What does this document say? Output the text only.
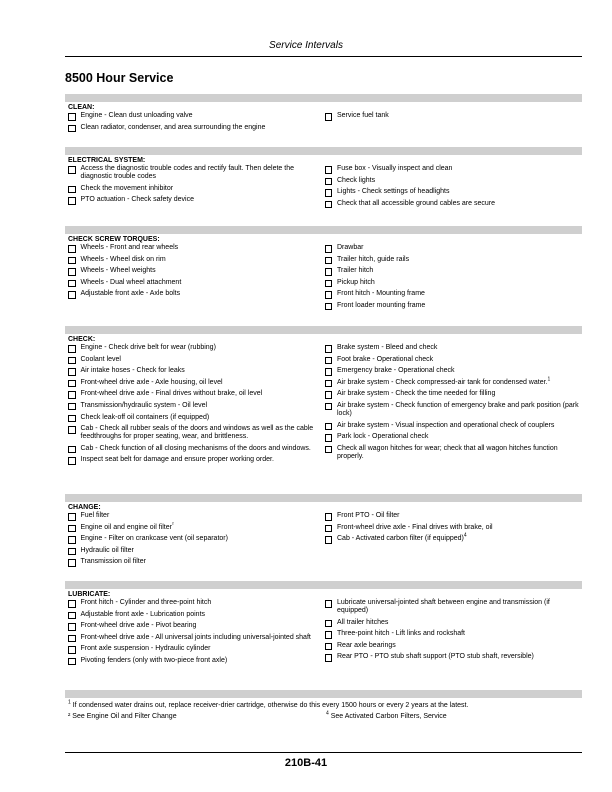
Service Intervals
8500 Hour Service
CLEAN:
Engine - Clean dust unloading valve
Clean radiator, condenser, and area surrounding the engine
Service fuel tank
ELECTRICAL SYSTEM:
Access the diagnostic trouble codes and rectify fault. Then delete the diagnostic trouble codes
Check the movement inhibitor
PTO actuation - Check safety device
Fuse box - Visually inspect and clean
Check lights
Lights - Check settings of headlights
Check that all accessible ground cables are secure
CHECK SCREW TORQUES:
Wheels - Front and rear wheels
Wheels - Wheel disk on rim
Wheels - Wheel weights
Wheels - Dual wheel attachment
Adjustable front axle - Axle bolts
Drawbar
Trailer hitch, guide rails
Trailer hitch
Pickup hitch
Front hitch - Mounting frame
Front loader mounting frame
CHECK:
Engine - Check drive belt for wear (rubbing)
Coolant level
Air intake hoses - Check for leaks
Front-wheel drive axle - Axle housing, oil level
Front-wheel drive axle - Final drives without brake, oil level
Transmission/hydraulic system - Oil level
Check leak-off oil containers (if equipped)
Cab - Check all rubber seals of the doors and windows as well as the cable feedthroughs for proper seating, wear, and brittleness.
Cab - Check function of all closing mechanisms of the doors and windows.
Inspect seat belt for damage and ensure proper working order.
Brake system - Bleed and check
Foot brake - Operational check
Emergency brake - Operational check
Air brake system - Check compressed-air tank for condensed water.$^1$
Air brake system - Check the time needed for filling
Air brake system - Check function of emergency brake and park position (park lock)
Air brake system - Visual inspection and operational check of couplers
Park lock - Operational check
Check all wagon hitches for wear; check that all wagon hitches function properly.
CHANGE:
Fuel filter
Engine oil and engine oil filter$^{^2}$
Engine - Filter on crankcase vent (oil separator)
Hydraulic oil filter
Transmission oil filter
Front PTO - Oil filter
Front-wheel drive axle - Final drives with brake, oil
Cab - Activated carbon filter (if equipped)$^4$
LUBRICATE:
Front hitch - Cylinder and three-point hitch
Adjustable front axle - Lubrication points
Front-wheel drive axle - Pivot bearing
Front-wheel drive axle - All universal joints including universal-jointed shaft
Front axle suspension - Hydraulic cylinder
Pivoting fenders (only with two-piece front axle)
Lubricate universal-jointed shaft between engine and transmission (if equipped)
All trailer hitches
Three-point hitch - Lift links and rockshaft
Rear axle bearings
Rear PTO - PTO stub shaft support (PTO stub shaft, reversible)
$^1$ If condensed water drains out, replace receiver-drier cartridge, otherwise do this every 1500 hours or every 2 years at the latest.
² See Engine Oil and Filter Change	$^4$ See Activated Carbon Filters, Service
210B-41
